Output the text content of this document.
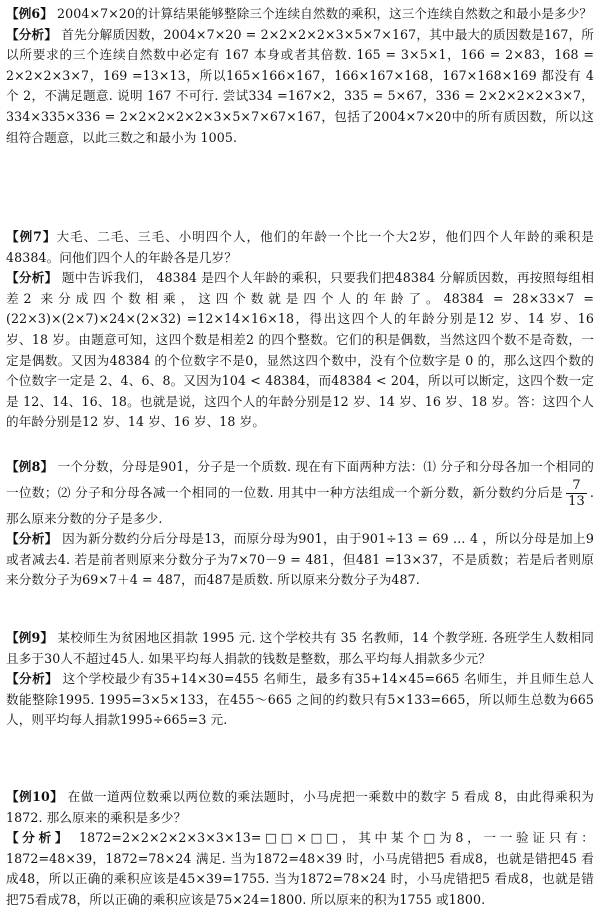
【例6】 2004×7×20的计算结果能够整除三个连续自然数的乘积，这三个连续自然数之和最小是多少？

【分析】 首先分解质因数，2004×7×20 = 2×2×2×2×3×5×7×167，其中最大的质因数是167，所以所要求的三个连续自然数中必定有 167 本身或者其倍数. 165 = 3×5×1，166 = 2×83，168 = 2×2×2×3×7，169 =13×13，所以165×166×167，166×167×168，167×168×169 都没有 4个 2，不满足题意. 说明 167 不可行. 尝试334 =167×2，335 = 5×67，336 = 2×2×2×2×3×7，334×335×336 = 2×2×2×2×2×3×5×7×67×167，包括了2004×7×20中的所有质因数，所以这组符合题意，以此三数之和最小为 1005.

【例7】大毛、二毛、三毛、小明四个人，他们的年龄一个比一个大2岁，他们四个人年龄的乘积是48384。问他们四个人的年龄各是几岁？

【分析】 题中告诉我们， 48384 是四个人年龄的乘积，只要我们把48384 分解质因数，再按照每组相差2 来分成四个数相乘，这四个数就是四个人的年龄了。48384 = 28×33×7 = (22×3)×(2×7)×24×(2×32) =12×14×16×18，得出这四个人的年龄分别是12 岁、14 岁、16 岁、18 岁。由题意可知，这四个数是相差2 的四个整数。它们的积是偶数，当然这四个数不是奇数，一定是偶数。又因为48384 的个位数字不是0，显然这四个数中，没有个位数字是 0 的，那么这四个数的个位数字一定是 2、4、6、8。又因为104 < 48384，而48384 < 204，所以可以断定，这四个数一定是 12、14、16、18。也就是说，这四个人的年龄分别是12 岁、14 岁、16 岁、18 岁。答：这四个人的年龄分别是12 岁、14 岁、16 岁、18 岁。

【例8】 一个分数，分母是901，分子是一个质数. 现在有下面两种方法：⑴ 分子和分母各加一个相同的一位数；⑵ 分子和分母各减一个相同的一位数. 用其中一种方法组成一个新分数，新分数约分后是 $\frac{7}{13}$ . 那么原来分数的分子是多少.

【分析】 因为新分数约分后分母是13，而原分母为901，由于901÷13 = 69 … 4 ，所以分母是加上9 或者减去4. 若是前者则原来分数分子为7×70－9 = 481，但481 =13×37，不是质数；若是后者则原来分数分子为69×7＋4 = 487，而487是质数. 所以原来分数分子为487.

【例9】 某校师生为贫困地区捐款 1995 元. 这个学校共有 35 名教师，14 个教学班. 各班学生人数相同且多于30人不超过45人. 如果平均每人捐款的钱数是整数，那么平均每人捐款多少元？

【分析】 这个学校最少有35+14×30=455 名师生，最多有35+14×45=665 名师生，并且师生总人数能整除1995. 1995=3×5×133，在455～665 之间的约数只有5×133=665，所以师生总数为665 人，则平均每人捐款1995÷665=3 元.

【例10】 在做一道两位数乘以两位数的乘法题时，小马虎把一乘数中的数字 5 看成 8，由此得乘积为1872. 那么原来的乘积是多少？

【分析】 1872=2×2×2×2×3×3×13=□□×□□，其中某个□为8，一一验证只有：1872=48×39，1872=78×24 满足. 当为1872=48×39 时，小马虎错把5 看成8，也就是错把45 看成48，所以正确的乘积应该是45×39=1755. 当为1872=78×24 时，小马虎错把5 看成8，也就是错把75看成78，所以正确的乘积应该是75×24=1800. 所以原来的积为1755 或1800.
